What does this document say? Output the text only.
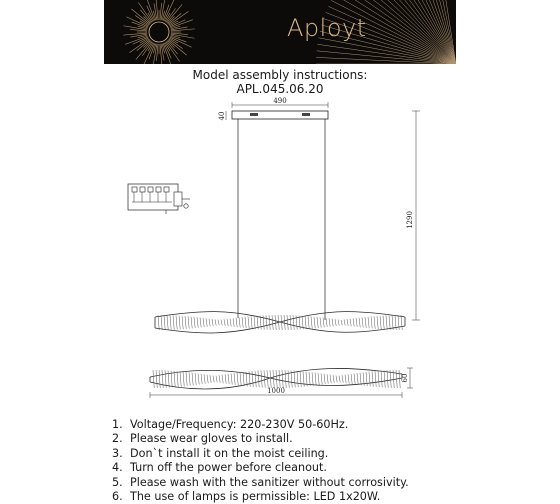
Aployt
Model assembly instructions:
APL.045.06.20
490
40
1290
60
1000
1. Voltage/Frequency: 220-230V 50-60Hz.
2. Please wear gloves to install.
3. Don`t install it on the moist ceiling.
4. Turn off the power before cleanout.
5. Please wash with the sanitizer without corrosivity.
6. The use of lamps is permissible: LED 1x20W.
